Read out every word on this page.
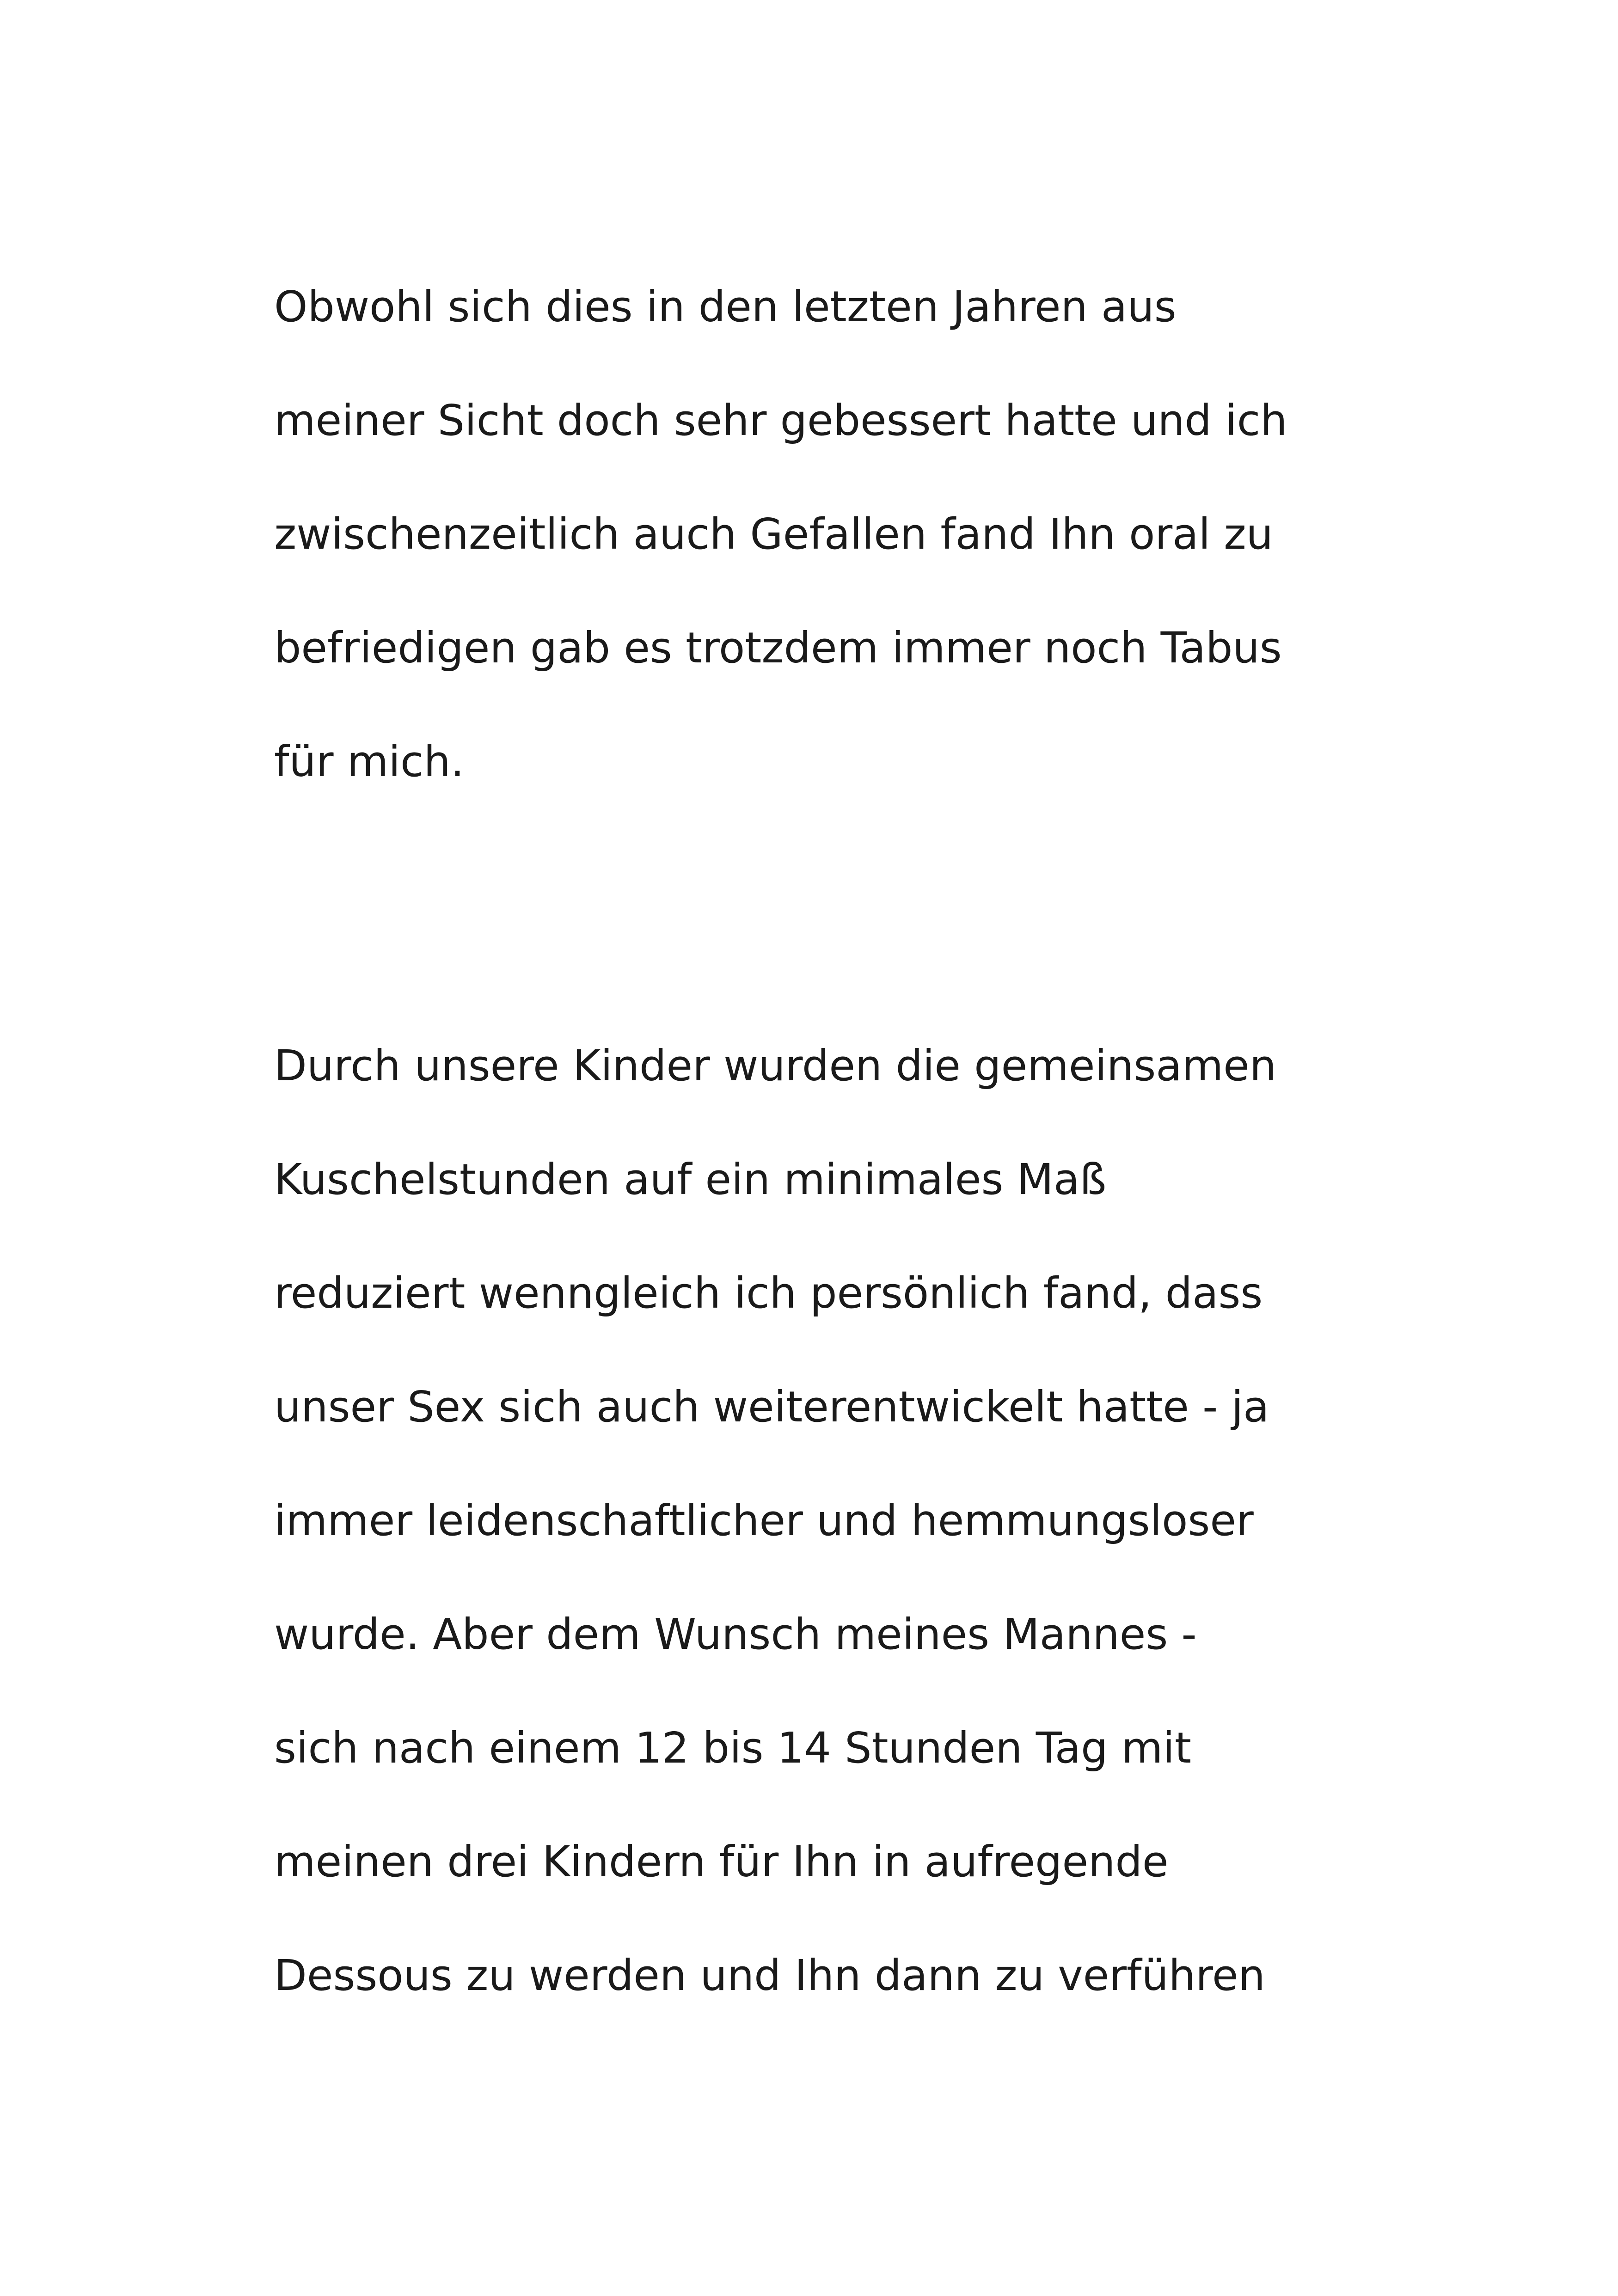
Obwohl sich dies in den letzten Jahren aus

meiner Sicht doch sehr gebessert hatte und ich

zwischenzeitlich auch Gefallen fand Ihn oral zu

befriedigen gab es trotzdem immer noch Tabus

für mich.

Durch unsere Kinder wurden die gemeinsamen

Kuschelstunden auf ein minimales Maß

reduziert wenngleich ich persönlich fand, dass

unser Sex sich auch weiterentwickelt hatte - ja

immer leidenschaftlicher und hemmungsloser

wurde. Aber dem Wunsch meines Mannes -

sich nach einem 12 bis 14 Stunden Tag mit

meinen drei Kindern für Ihn in aufregende

Dessous zu werden und Ihn dann zu verführen
